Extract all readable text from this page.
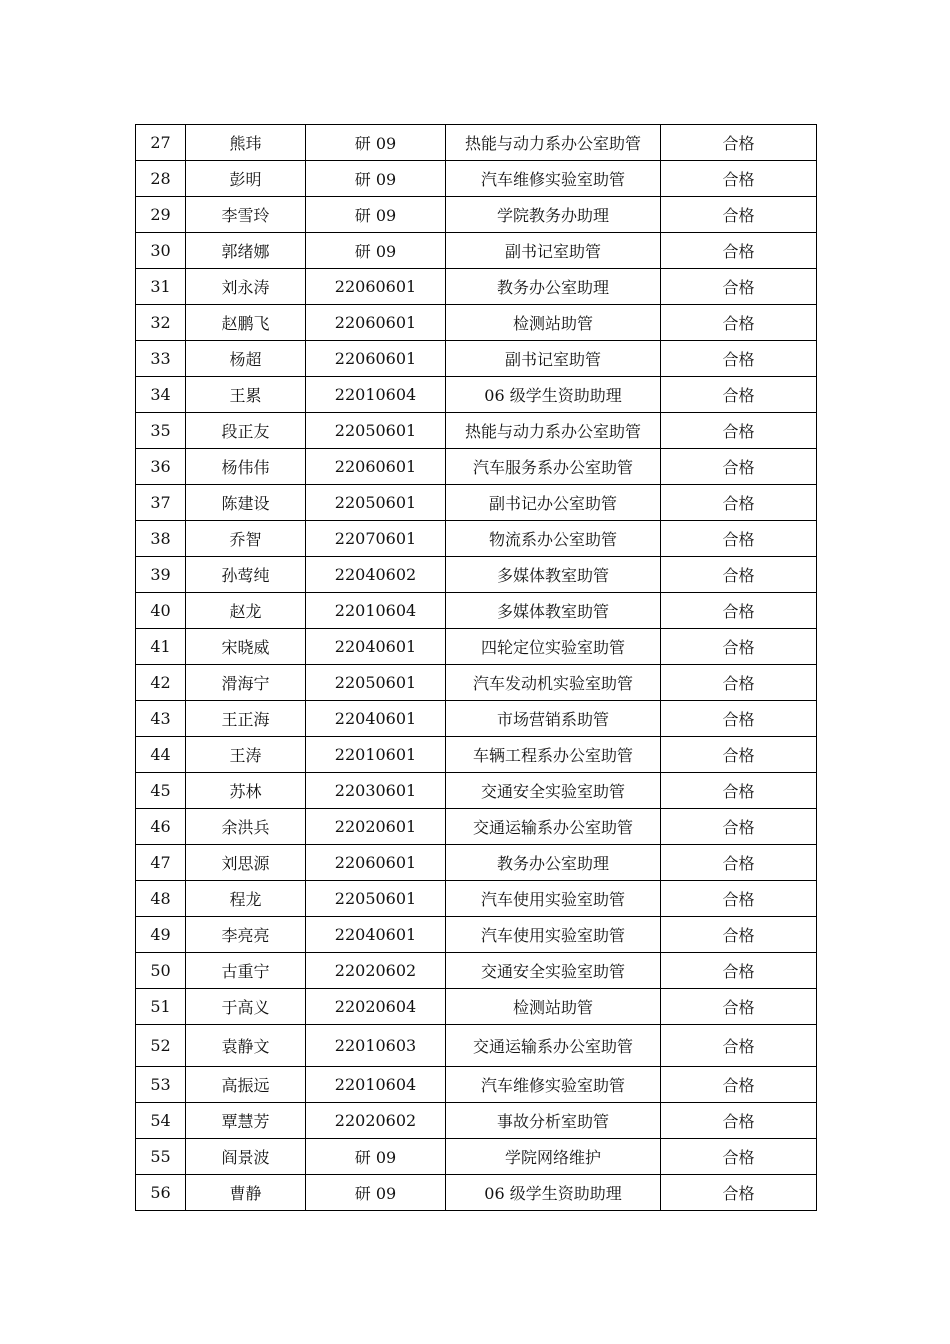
27	熊玮	研 09	热能与动力系办公室助管	合格
28	彭明	研 09	汽车维修实验室助管	合格
29	李雪玲	研 09	学院教务办助理	合格
30	郭绪娜	研 09	副书记室助管	合格
31	刘永涛	22060601	教务办公室助理	合格
32	赵鹏飞	22060601	检测站助管	合格
33	杨超	22060601	副书记室助管	合格
34	王累	22010604	06 级学生资助助理	合格
35	段正友	22050601	热能与动力系办公室助管	合格
36	杨伟伟	22060601	汽车服务系办公室助管	合格
37	陈建设	22050601	副书记办公室助管	合格
38	乔智	22070601	物流系办公室助管	合格
39	孙莺纯	22040602	多媒体教室助管	合格
40	赵龙	22010604	多媒体教室助管	合格
41	宋晓威	22040601	四轮定位实验室助管	合格
42	滑海宁	22050601	汽车发动机实验室助管	合格
43	王正海	22040601	市场营销系助管	合格
44	王涛	22010601	车辆工程系办公室助管	合格
45	苏林	22030601	交通安全实验室助管	合格
46	余洪兵	22020601	交通运输系办公室助管	合格
47	刘思源	22060601	教务办公室助理	合格
48	程龙	22050601	汽车使用实验室助管	合格
49	李亮亮	22040601	汽车使用实验室助管	合格
50	古重宁	22020602	交通安全实验室助管	合格
51	于高义	22020604	检测站助管	合格
52	袁静文	22010603	交通运输系办公室助管	合格
53	高振远	22010604	汽车维修实验室助管	合格
54	覃慧芳	22020602	事故分析室助管	合格
55	阎景波	研 09	学院网络维护	合格
56	曹静	研 09	06 级学生资助助理	合格
